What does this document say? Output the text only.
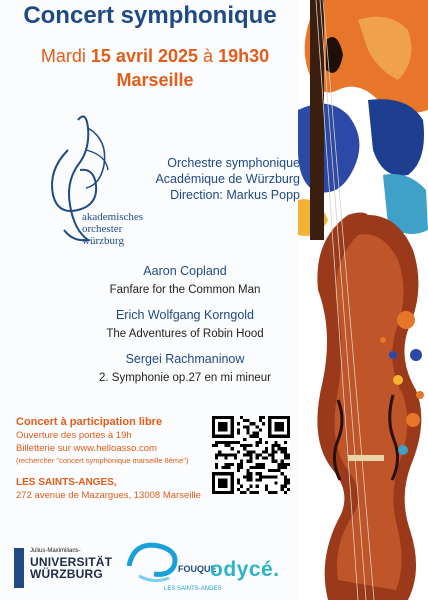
Concert symphonique
Mardi 15 avril 2025 à 19h30
Marseille
akademisches
orchester
würzburg
Orchestre symphonique
Académique de Würzburg
Direction: Markus Popp
Aaron Copland
Fanfare for the Common Man
Erich Wolfgang Korngold
The Adventures of Robin Hood
Sergei Rachmaninow
2. Symphonie op.27 en mi mineur
Concert à participation libre
Ouverture des portes à 19h
Billetterie sur www.helloasso.com
(rechercher "concert symphonique marseille 8ème")
LES SAINTS-ANGES,
272 avenue de Mazargues, 13008 Marseille
Julius-Maximilians-
UNIVERSITÄT
WÜRZBURG	FOUQUE
LES SAINTS-ANGES
odycé.
